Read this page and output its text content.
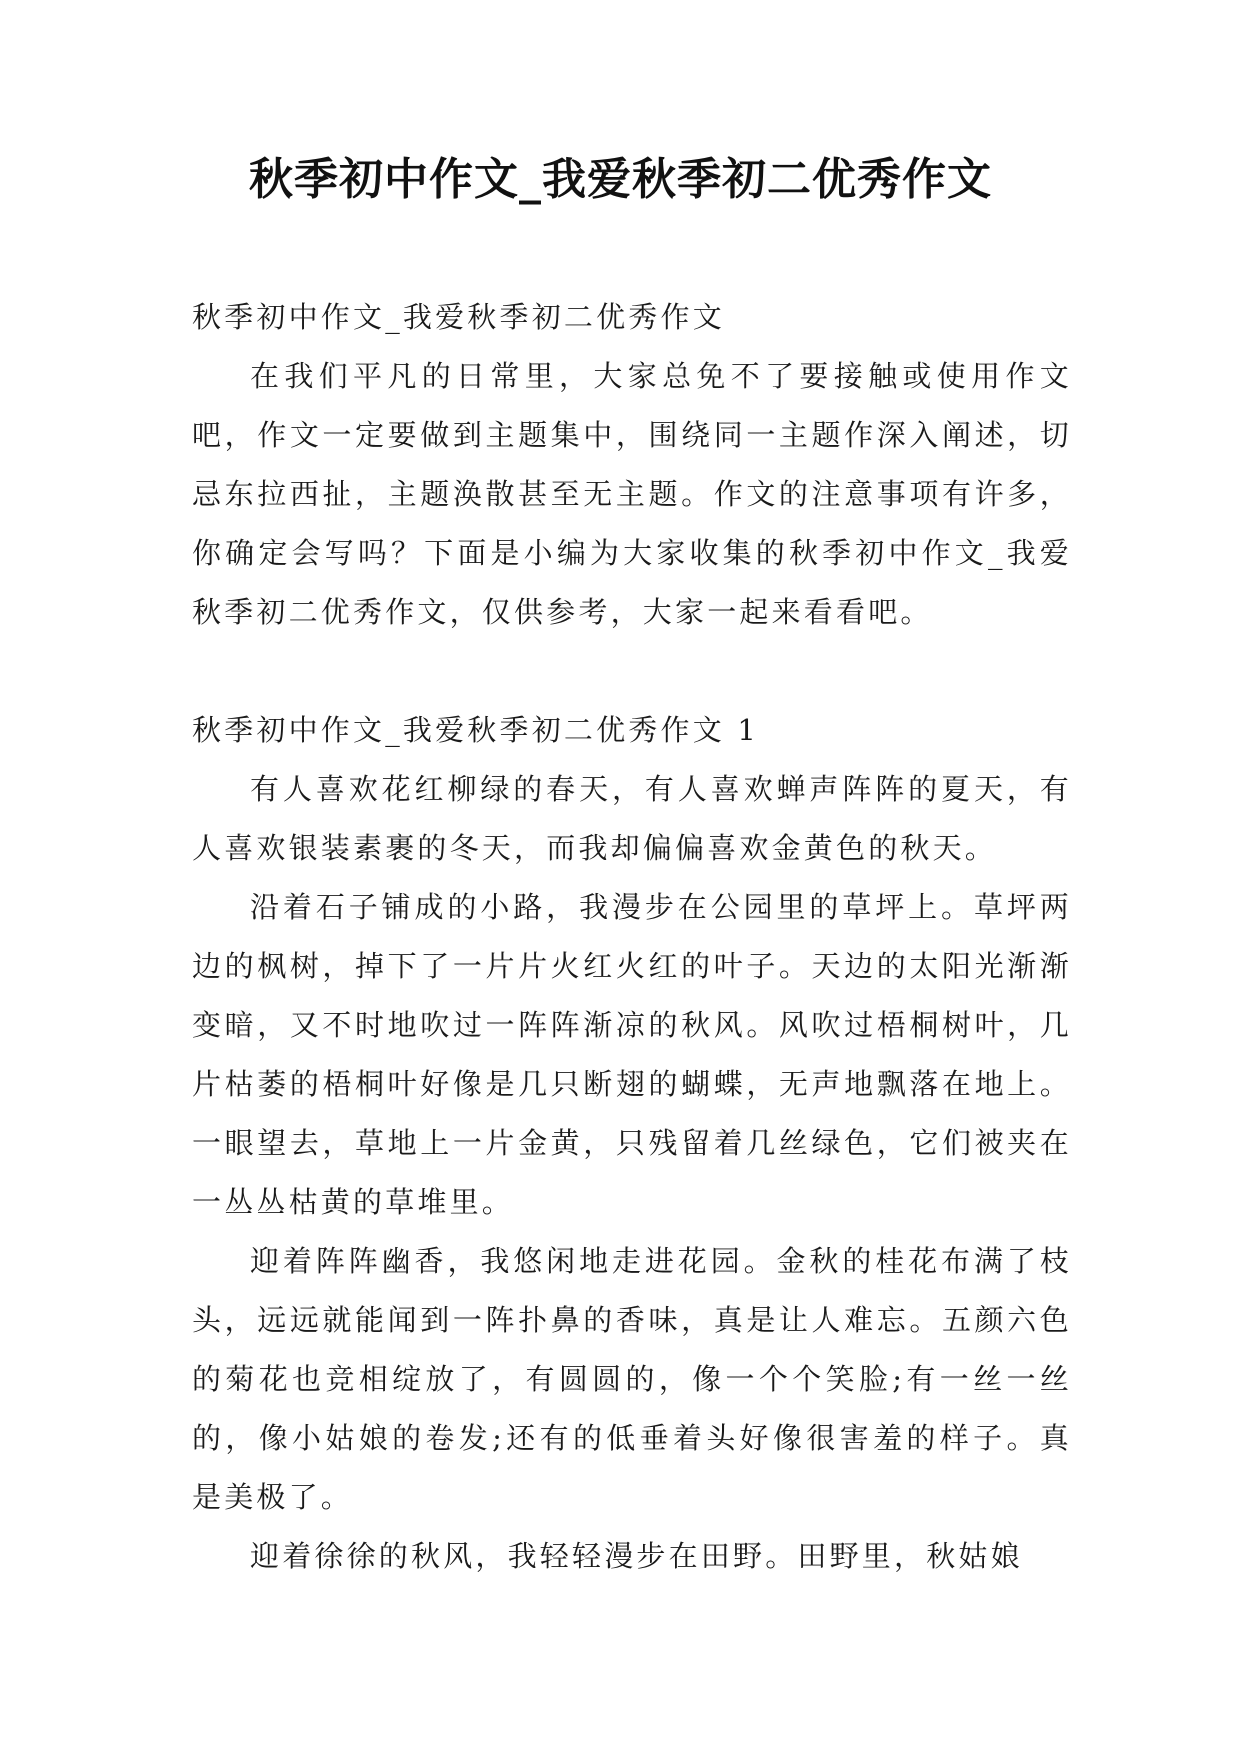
秋季初中作文_我爱秋季初二优秀作文

秋季初中作文_我爱秋季初二优秀作文

在我们平凡的日常里，大家总免不了要接触或使用作文吧，作文一定要做到主题集中，围绕同一主题作深入阐述，切忌东拉西扯，主题涣散甚至无主题。作文的注意事项有许多，你确定会写吗？下面是小编为大家收集的秋季初中作文_我爱秋季初二优秀作文，仅供参考，大家一起来看看吧。

秋季初中作文_我爱秋季初二优秀作文 1

有人喜欢花红柳绿的春天，有人喜欢蝉声阵阵的夏天，有人喜欢银装素裹的冬天，而我却偏偏喜欢金黄色的秋天。

沿着石子铺成的小路，我漫步在公园里的草坪上。草坪两边的枫树，掉下了一片片火红火红的叶子。天边的太阳光渐渐变暗，又不时地吹过一阵阵渐凉的秋风。风吹过梧桐树叶，几片枯萎的梧桐叶好像是几只断翅的蝴蝶，无声地飘落在地上。一眼望去，草地上一片金黄，只残留着几丝绿色，它们被夹在一丛丛枯黄的草堆里。

迎着阵阵幽香，我悠闲地走进花园。金秋的桂花布满了枝头，远远就能闻到一阵扑鼻的香味，真是让人难忘。五颜六色的菊花也竞相绽放了，有圆圆的，像一个个笑脸;有一丝一丝的，像小姑娘的卷发;还有的低垂着头好像很害羞的样子。真是美极了。

迎着徐徐的秋风，我轻轻漫步在田野。田野里，秋姑娘
